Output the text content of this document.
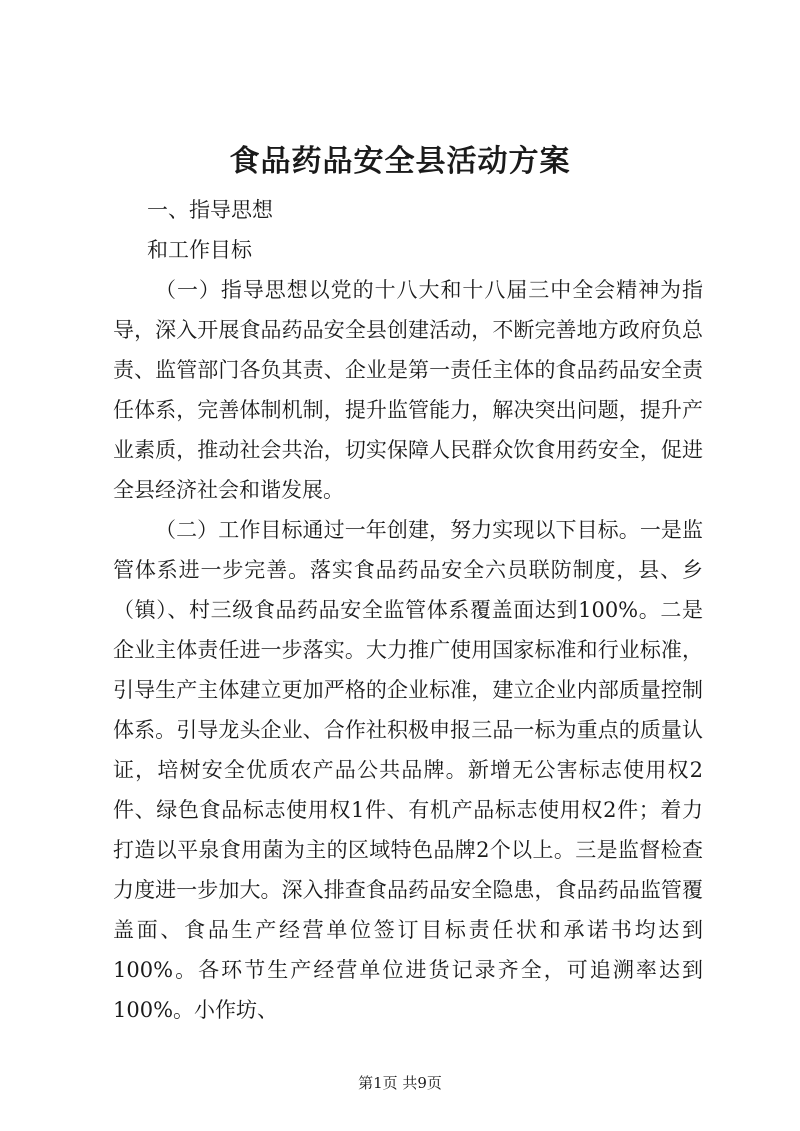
食品药品安全县活动方案

一、指导思想

和工作目标

（一）指导思想以党的十八大和十八届三中全会精神为指导，深入开展食品药品安全县创建活动，不断完善地方政府负总责、监管部门各负其责、企业是第一责任主体的食品药品安全责任体系，完善体制机制，提升监管能力，解决突出问题，提升产业素质，推动社会共治，切实保障人民群众饮食用药安全，促进全县经济社会和谐发展。

（二）工作目标通过一年创建，努力实现以下目标。一是监管体系进一步完善。落实食品药品安全六员联防制度，县、乡（镇）、村三级食品药品安全监管体系覆盖面达到100%。二是企业主体责任进一步落实。大力推广使用国家标准和行业标准，引导生产主体建立更加严格的企业标准，建立企业内部质量控制体系。引导龙头企业、合作社积极申报三品一标为重点的质量认证，培树安全优质农产品公共品牌。新增无公害标志使用权2件、绿色食品标志使用权1件、有机产品标志使用权2件；着力打造以平泉食用菌为主的区域特色品牌2个以上。三是监督检查力度进一步加大。深入排查食品药品安全隐患，食品药品监管覆盖面、食品生产经营单位签订目标责任状和承诺书均达到100%。各环节生产经营单位进货记录齐全，可追溯率达到100%。小作坊、

第1页 共9页
